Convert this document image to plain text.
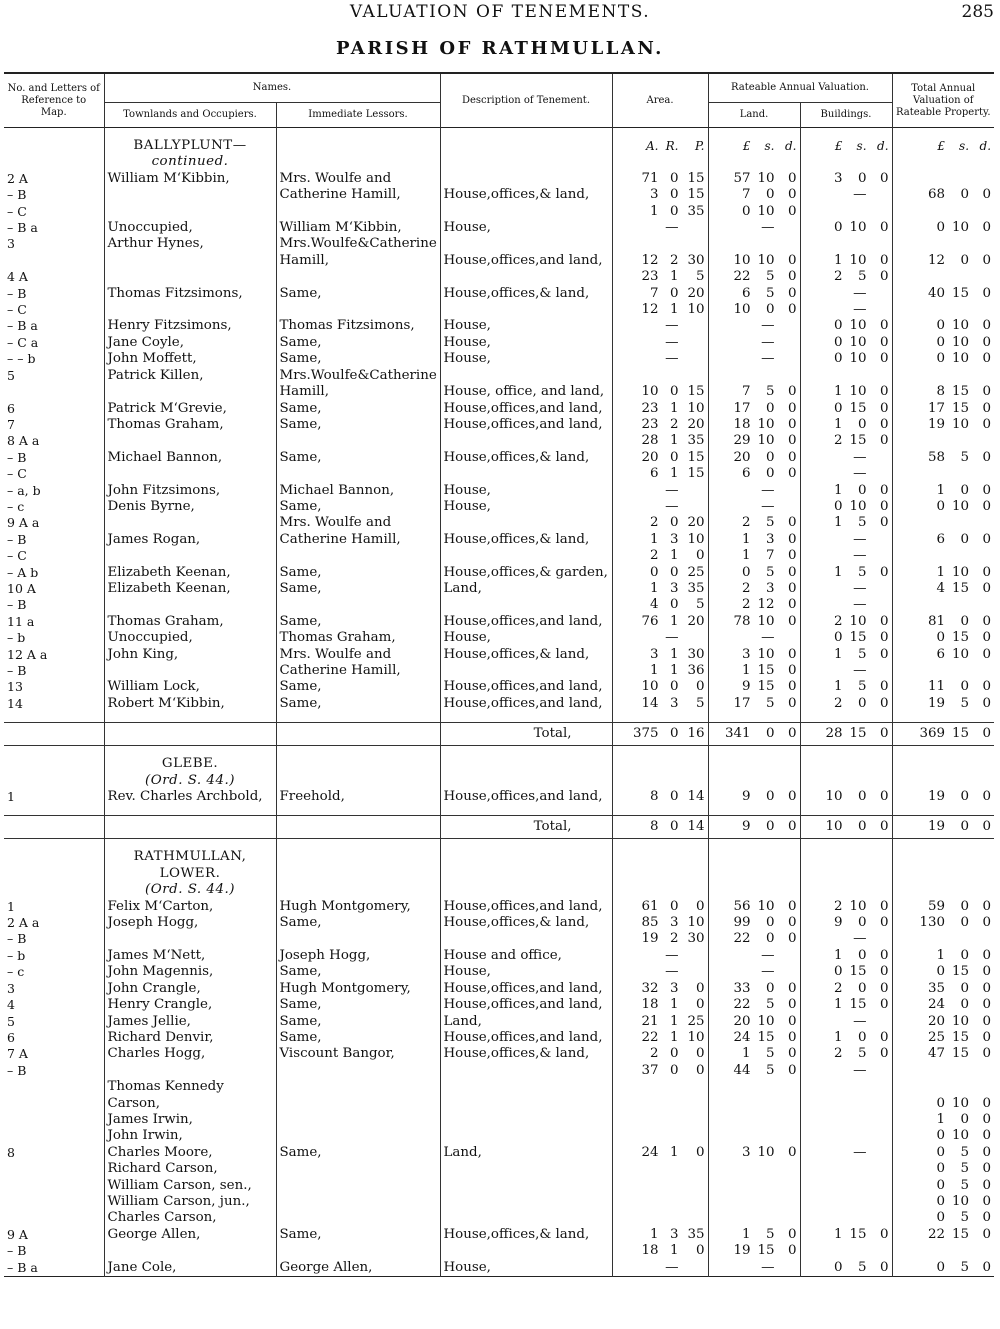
VALUATION OF TENEMENTS.	285
PARISH OF RATHMULLAN.
No. and Letters of Reference to Map.	Names.		Description of Tenement.	Area.	Rateable Annual Valuation.		Total Annual Valuation of Rateable Property.
	Townlands and Occupiers.	Immediate Lessors.			Land.	Buildings.	

	BALLYPLUNT—			A. R. P.	£ s. d.	£ s. d.	£ s. d.

	continued.						
2 A	William M‘Kibbin,	Mrs. Woulfe and		71 0 15	57 10 0	3 0 0	

– B		Catherine Hamill,	House,offices,& land,	3 0 15	7 0 0	—	68 0 0

– C				1 0 35	0 10 0		

– B a	Unoccupied,	William M‘Kibbin,	House,	—	—	0 10 0	0 10 0

3	Arthur Hynes,	Mrs.Woulfe&Catherine		

		Hamill,	House,offices,and land,	12 2 30	10 10 0	1 10 0	12 0 0

4 A				23 1 5	22 5 0	2 5 0	

– B	Thomas Fitzsimons,	Same,	House,offices,& land,	7 0 20	6 5 0	—	40 15 0

– C				12 1 10	10 0 0	—	

– B a	Henry Fitzsimons,	Thomas Fitzsimons,	House,	—	—	0 10 0	0 10 0

– C a	Jane Coyle,	Same,	House,	—	—	0 10 0	0 10 0

– – b	John Moffett,	Same,	House,	—	—	0 10 0	0 10 0

5	Patrick Killen,	Mrs.Woulfe&Catherine		

		Hamill,	House, office, and land,	10 0 15	7 5 0	1 10 0	8 15 0

6	Patrick M‘Grevie,	Same,	House,offices,and land,	23 1 10	17 0 0	0 15 0	17 15 0

7	Thomas Graham,	Same,	House,offices,and land,	23 2 20	18 10 0	1 0 0	19 10 0

8 A a				28 1 35	29 10 0	2 15 0	

– B	Michael Bannon,	Same,	House,offices,& land,	20 0 15	20 0 0	—	58 5 0

– C				6 1 15	6 0 0	—	

– a, b	John Fitzsimons,	Michael Bannon,	House,	—	—	1 0 0	1 0 0

– c	Denis Byrne,	Same,	House,	—	—	0 10 0	0 10 0

9 A a		Mrs. Woulfe and		2 0 20	2 5 0	1 5 0	

– B	James Rogan,	Catherine Hamill,	House,offices,& land,	1 3 10	1 3 0	—	6 0 0

– C				2 1 0	1 7 0	—	

– A b	Elizabeth Keenan,	Same,	House,offices,& garden,	0 0 25	0 5 0	1 5 0	1 10 0

10 A	Elizabeth Keenan,	Same,	Land,	1 3 35	2 3 0	—	4 15 0

– B				4 0 5	2 12 0	—	

11 a	Thomas Graham,	Same,	House,offices,and land,	76 1 20	78 10 0	2 10 0	81 0 0

– b	Unoccupied,	Thomas Graham,	House,	—	—	0 15 0	0 15 0

12 A a	John King,	Mrs. Woulfe and	House,offices,& land,	3 1 30	3 10 0	1 5 0	6 10 0

– B		Catherine Hamill,		1 1 36	1 15 0	—	

13	William Lock,	Same,	House,offices,and land,	10 0 0	9 15 0	1 5 0	11 0 0

14	Robert M‘Kibbin,	Same,	House,offices,and land,	14 3 5	17 5 0	2 0 0	19 5 0

			Total,	375 0 16	341 0 0	28 15 0	369 15 0

	GLEBE.						
	(Ord. S. 44.)						
1	Rev. Charles Archbold,	Freehold,	House,offices,and land,	8 0 14	9 0 0	10 0 0	19 0 0

			Total,	8 0 14	9 0 0	10 0 0	19 0 0

	RATHMULLAN,						
	LOWER.						
	(Ord. S. 44.)						
1	Felix M‘Carton,	Hugh Montgomery,	House,offices,and land,	61 0 0	56 10 0	2 10 0	59 0 0

2 A a	Joseph Hogg,	Same,	House,offices,& land,	85 3 10	99 0 0	9 0 0	130 0 0

– B				19 2 30	22 0 0	—	

– b	James M‘Nett,	Joseph Hogg,	House and office,	—	—	1 0 0	1 0 0

– c	John Magennis,	Same,	House,	—	—	0 15 0	0 15 0

3	John Crangle,	Hugh Montgomery,	House,offices,and land,	32 3 0	33 0 0	2 0 0	35 0 0

4	Henry Crangle,	Same,	House,offices,and land,	18 1 0	22 5 0	1 15 0	24 0 0

5	James Jellie,	Same,	Land,	21 1 25	20 10 0	—	20 10 0

6	Richard Denvir,	Same,	House,offices,and land,	22 1 10	24 15 0	1 0 0	25 15 0

7 A	Charles Hogg,	Viscount Bangor,	House,offices,& land,	2 0 0	1 5 0	2 5 0	47 15 0

– B				37 0 0	44 5 0	—	

	Thomas Kennedy			

	Carson,						0 10 0

	James Irwin,						1 0 0

	John Irwin,						0 10 0

8	Charles Moore,	Same,	Land,	24 1 0	3 10 0	—	0 5 0

	Richard Carson,						0 5 0

	William Carson, sen.,						0 5 0

	William Carson, jun.,						0 10 0

	Charles Carson,						0 5 0

9 A	George Allen,	Same,	House,offices,& land,	1 3 35	1 5 0	1 15 0	22 15 0

– B				18 1 0	19 15 0		

– B a	Jane Cole,	George Allen,	House,	—	—	0 5 0	0 5 0
